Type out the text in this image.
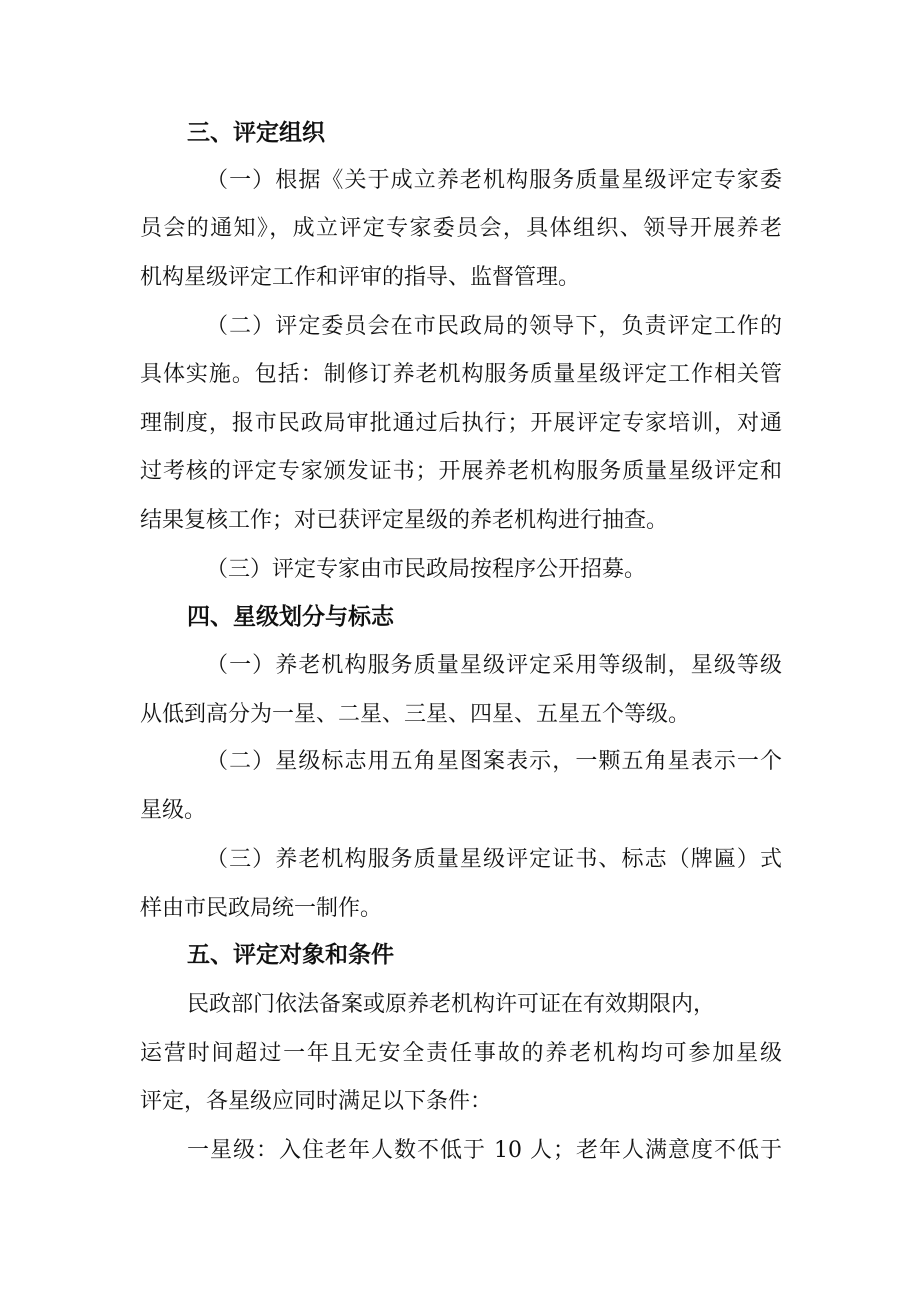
三、评定组织
（一）根据《关于成立养老机构服务质量星级评定专家委
员会的通知》，成立评定专家委员会，具体组织、领导开展养老
机构星级评定工作和评审的指导、监督管理。
（二）评定委员会在市民政局的领导下，负责评定工作的
具体实施。包括：制修订养老机构服务质量星级评定工作相关管
理制度，报市民政局审批通过后执行；开展评定专家培训，对通
过考核的评定专家颁发证书；开展养老机构服务质量星级评定和
结果复核工作；对已获评定星级的养老机构进行抽查。
（三）评定专家由市民政局按程序公开招募。
四、星级划分与标志
（一）养老机构服务质量星级评定采用等级制，星级等级
从低到高分为一星、二星、三星、四星、五星五个等级。
（二）星级标志用五角星图案表示，一颗五角星表示一个
星级。
（三）养老机构服务质量星级评定证书、标志（牌匾）式
样由市民政局统一制作。
五、评定对象和条件
民政部门依法备案或原养老机构许可证在有效期限内，
运营时间超过一年且无安全责任事故的养老机构均可参加星级
评定，各星级应同时满足以下条件：
一星级：入住老年人数不低于 10 人；老年人满意度不低于
